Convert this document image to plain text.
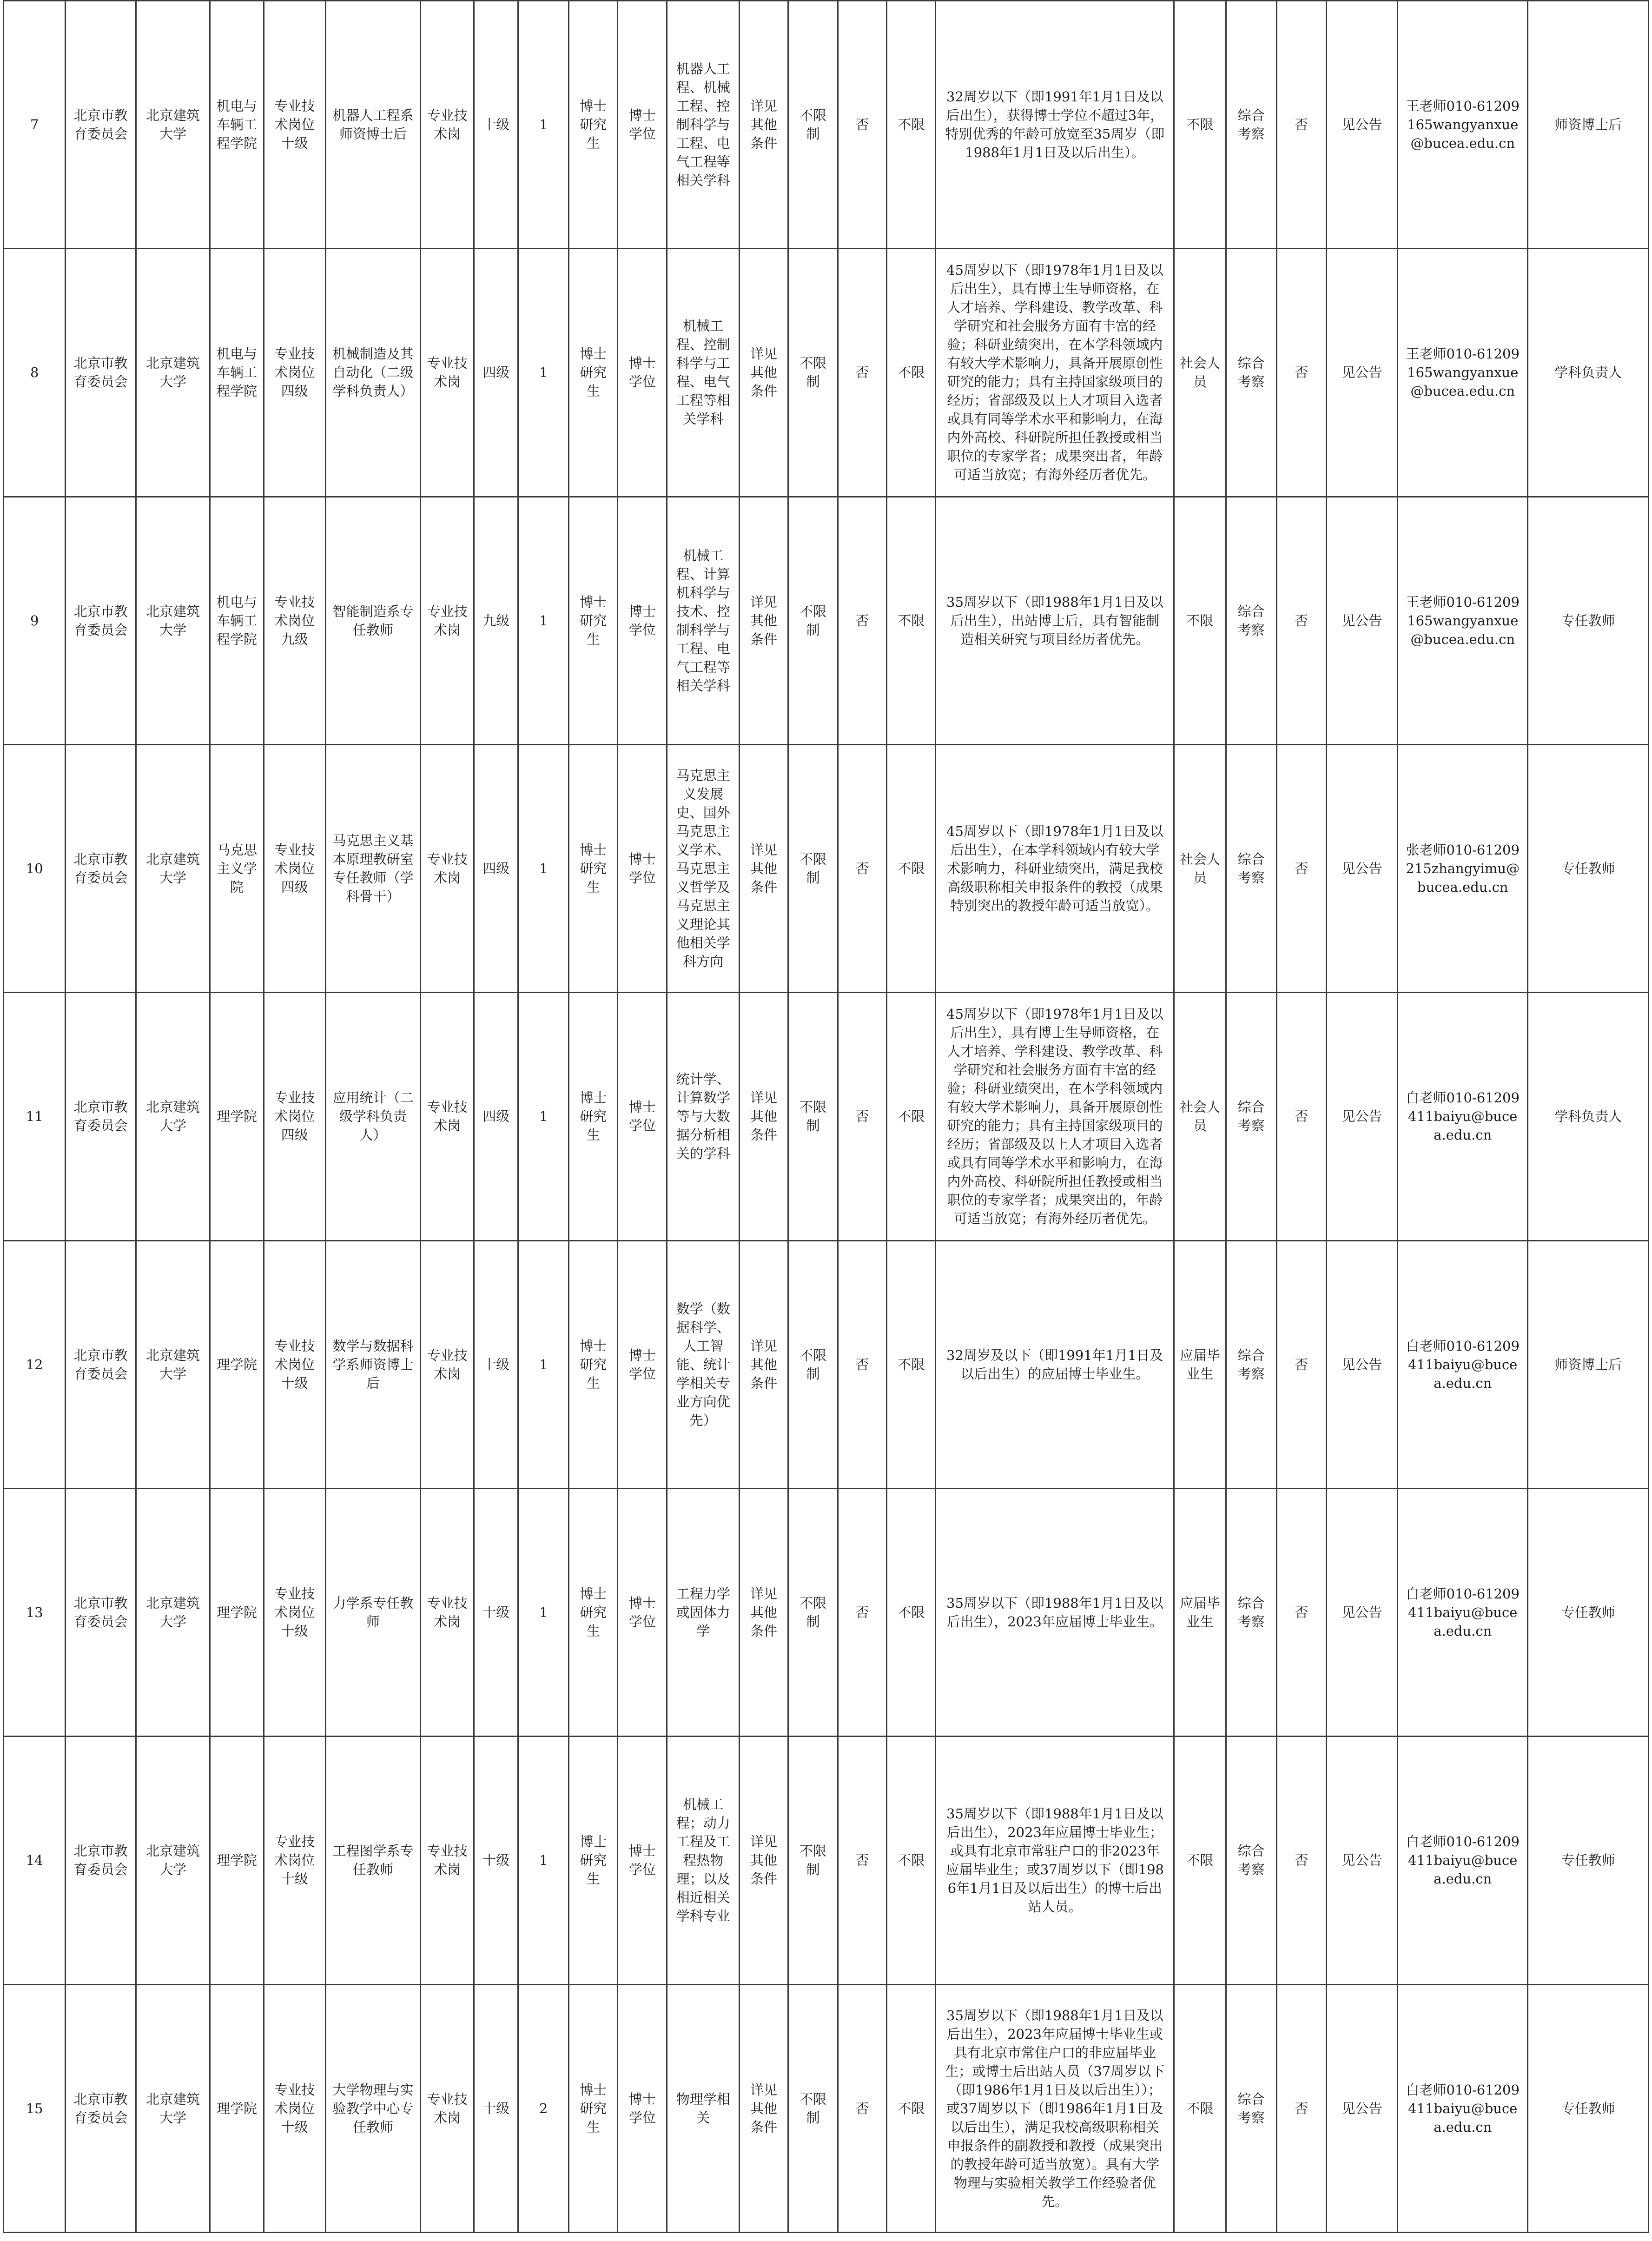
7	北京市教育委员会	北京建筑大学	机电与车辆工程学院	专业技术岗位十级	机器人工程系师资博士后	专业技术岗	十级	1	博士研究生	博士学位	机器人工程、机械工程、控制科学与工程、电气工程等相关学科	详见其他条件	不限制	否	不限	32周岁以下（即1991年1月1日及以后出生），获得博士学位不超过3年，特别优秀的年龄可放宽至35周岁（即1988年1月1日及以后出生）。	不限	综合考察	否	见公告	王老师010-61209165wangyanxue@bucea.edu.cn	师资博士后
8	北京市教育委员会	北京建筑大学	机电与车辆工程学院	专业技术岗位四级	机械制造及其自动化（二级学科负责人）	专业技术岗	四级	1	博士研究生	博士学位	机械工程、控制科学与工程、电气工程等相关学科	详见其他条件	不限制	否	不限	45周岁以下（即1978年1月1日及以后出生），具有博士生导师资格，在人才培养、学科建设、教学改革、科学研究和社会服务方面有丰富的经验；科研业绩突出，在本学科领域内有较大学术影响力，具备开展原创性研究的能力；具有主持国家级项目的经历；省部级及以上人才项目入选者或具有同等学术水平和影响力，在海内外高校、科研院所担任教授或相当职位的专家学者；成果突出者，年龄可适当放宽；有海外经历者优先。	社会人员	综合考察	否	见公告	王老师010-61209165wangyanxue@bucea.edu.cn	学科负责人
9	北京市教育委员会	北京建筑大学	机电与车辆工程学院	专业技术岗位九级	智能制造系专任教师	专业技术岗	九级	1	博士研究生	博士学位	机械工程、计算机科学与技术、控制科学与工程、电气工程等相关学科	详见其他条件	不限制	否	不限	35周岁以下（即1988年1月1日及以后出生），出站博士后，具有智能制造相关研究与项目经历者优先。	不限	综合考察	否	见公告	王老师010-61209165wangyanxue@bucea.edu.cn	专任教师
10	北京市教育委员会	北京建筑大学	马克思主义学院	专业技术岗位四级	马克思主义基本原理教研室专任教师（学科骨干）	专业技术岗	四级	1	博士研究生	博士学位	马克思主义发展史、国外马克思主义学术、马克思主义哲学及马克思主义理论其他相关学科方向	详见其他条件	不限制	否	不限	45周岁以下（即1978年1月1日及以后出生），在本学科领域内有较大学术影响力，科研业绩突出，满足我校高级职称相关申报条件的教授（成果特别突出的教授年龄可适当放宽）。	社会人员	综合考察	否	见公告	张老师010-61209215zhangyimu@bucea.edu.cn	专任教师
11	北京市教育委员会	北京建筑大学	理学院	专业技术岗位四级	应用统计（二级学科负责人）	专业技术岗	四级	1	博士研究生	博士学位	统计学、计算数学等与大数据分析相关的学科	详见其他条件	不限制	否	不限	45周岁以下（即1978年1月1日及以后出生），具有博士生导师资格，在人才培养、学科建设、教学改革、科学研究和社会服务方面有丰富的经验；科研业绩突出，在本学科领域内有较大学术影响力，具备开展原创性研究的能力；具有主持国家级项目的经历；省部级及以上人才项目入选者或具有同等学术水平和影响力，在海内外高校、科研院所担任教授或相当职位的专家学者；成果突出的，年龄可适当放宽；有海外经历者优先。	社会人员	综合考察	否	见公告	白老师010-61209411baiyu@bucea.edu.cn	学科负责人
12	北京市教育委员会	北京建筑大学	理学院	专业技术岗位十级	数学与数据科学系师资博士后	专业技术岗	十级	1	博士研究生	博士学位	数学（数据科学、人工智能、统计学相关专业方向优先）	详见其他条件	不限制	否	不限	32周岁及以下（即1991年1月1日及以后出生）的应届博士毕业生。	应届毕业生	综合考察	否	见公告	白老师010-61209411baiyu@bucea.edu.cn	师资博士后
13	北京市教育委员会	北京建筑大学	理学院	专业技术岗位十级	力学系专任教师	专业技术岗	十级	1	博士研究生	博士学位	工程力学或固体力学	详见其他条件	不限制	否	不限	35周岁以下（即1988年1月1日及以后出生），2023年应届博士毕业生。	应届毕业生	综合考察	否	见公告	白老师010-61209411baiyu@bucea.edu.cn	专任教师
14	北京市教育委员会	北京建筑大学	理学院	专业技术岗位十级	工程图学系专任教师	专业技术岗	十级	1	博士研究生	博士学位	机械工程；动力工程及工程热物理；以及相近相关学科专业	详见其他条件	不限制	否	不限	35周岁以下（即1988年1月1日及以后出生），2023年应届博士毕业生；或具有北京市常驻户口的非2023年应届毕业生；或37周岁以下（即1986年1月1日及以后出生）的博士后出站人员。	不限	综合考察	否	见公告	白老师010-61209411baiyu@bucea.edu.cn	专任教师
15	北京市教育委员会	北京建筑大学	理学院	专业技术岗位十级	大学物理与实验教学中心专任教师	专业技术岗	十级	2	博士研究生	博士学位	物理学相关	详见其他条件	不限制	否	不限	35周岁以下（即1988年1月1日及以后出生），2023年应届博士毕业生或具有北京市常住户口的非应届毕业生；或博士后出站人员（37周岁以下（即1986年1月1日及以后出生））；或37周岁以下（即1986年1月1日及以后出生），满足我校高级职称相关申报条件的副教授和教授（成果突出的教授年龄可适当放宽）。具有大学物理与实验相关教学工作经验者优先。	不限	综合考察	否	见公告	白老师010-61209411baiyu@bucea.edu.cn	专任教师
